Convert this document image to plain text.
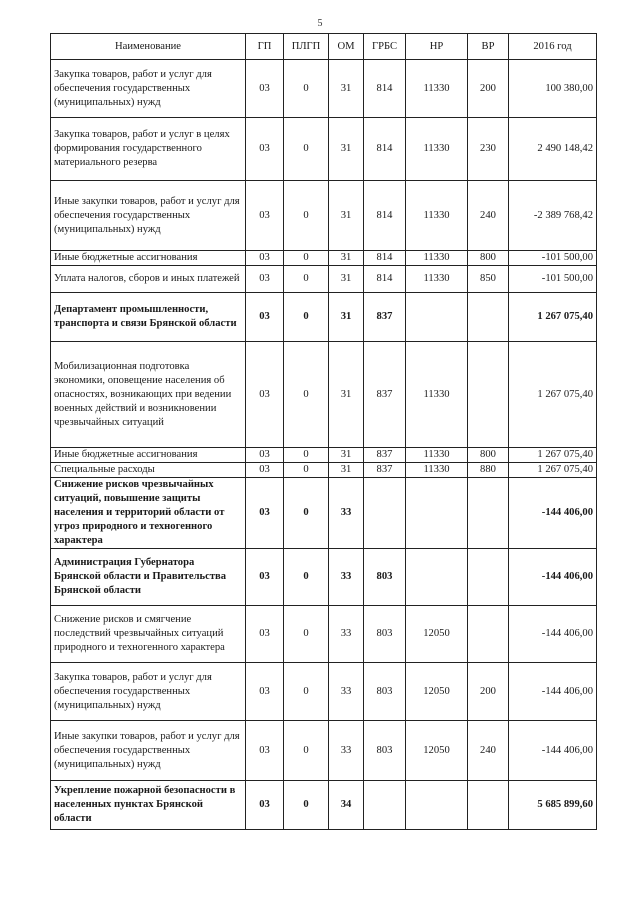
5
Наименование	ГП	ПЛГП	ОМ	ГРБС	НР	ВР	2016 год
Закупка товаров, работ и услуг для обеспечения государственных (муниципальных) нужд	03	0	31	814	11330	200	100 380,00
Закупка товаров, работ и услуг в целях формирования государственного материального резерва	03	0	31	814	11330	230	2 490 148,42
Иные закупки товаров, работ и услуг для обеспечения государственных (муниципальных) нужд	03	0	31	814	11330	240	-2 389 768,42
Иные бюджетные ассигнования	03	0	31	814	11330	800	-101 500,00
Уплата налогов, сборов и иных платежей	03	0	31	814	11330	850	-101 500,00
Департамент промышленности, транспорта и связи Брянской области	03	0	31	837			1 267 075,40
Мобилизационная подготовка экономики, оповещение населения об опасностях, возникающих при ведении военных действий и возникновении чрезвычайных ситуаций	03	0	31	837	11330		1 267 075,40
Иные бюджетные ассигнования	03	0	31	837	11330	800	1 267 075,40
Специальные расходы	03	0	31	837	11330	880	1 267 075,40
Снижение рисков чрезвычайных ситуаций, повышение защиты населения и территорий области от угроз природного и техногенного характера	03	0	33				-144 406,00
Администрация Губернатора Брянской области и Правительства Брянской области	03	0	33	803			-144 406,00
Снижение рисков и смягчение последствий чрезвычайных ситуаций природного и техногенного характера	03	0	33	803	12050		-144 406,00
Закупка товаров, работ и услуг для обеспечения государственных (муниципальных) нужд	03	0	33	803	12050	200	-144 406,00
Иные закупки товаров, работ и услуг для обеспечения государственных (муниципальных) нужд	03	0	33	803	12050	240	-144 406,00
Укрепление пожарной безопасности в населенных пунктах Брянской области	03	0	34				5 685 899,60
